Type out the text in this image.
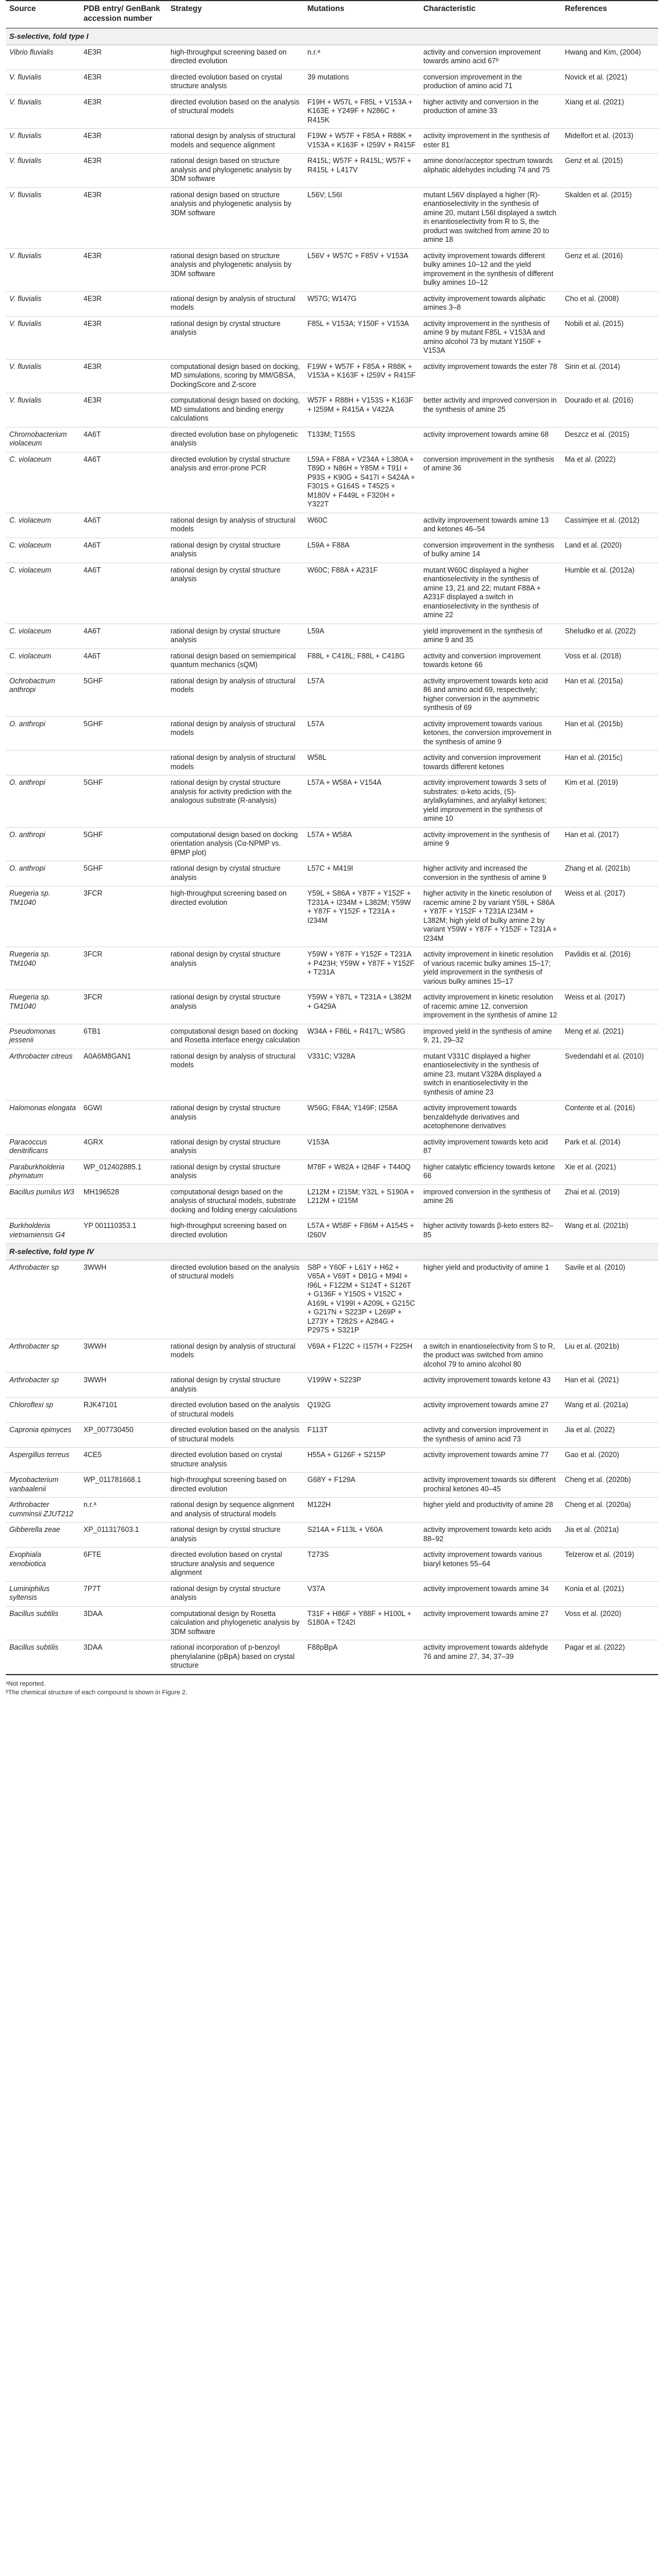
Source	PDB entry/ GenBank accession number	Strategy	Mutations	Characteristic	References
S-selective, fold type I					
Vibrio fluvialis	4E3R	high-throughput screening based on directed evolution	n.r.ᵃ	activity and conversion improvement towards amino acid 67ᵇ	Hwang and Kim, (2004)
V. fluvialis	4E3R	directed evolution based on crystal structure analysis	39 mutations	conversion improvement in the production of amino acid 71	Novick et al. (2021)
V. fluvialis	4E3R	directed evolution based on the analysis of structural models	F19H + W57L + F85L + V153A + K163E + Y249F + N286C + R415K	higher activity and conversion in the production of amine 33	Xiang et al. (2021)
V. fluvialis	4E3R	rational design by analysis of structural models and sequence alignment	F19W + W57F + F85A + R88K + V153A + K163F + I259V + R415F	activity improvement in the synthesis of ester 81	Midelfort et al. (2013)
V. fluvialis	4E3R	rational design based on structure analysis and phylogenetic analysis by 3DM software	R415L; W57F + R415L; W57F + R415L + L417V	amine donor/acceptor spectrum towards aliphatic aldehydes including 74 and 75	Genz et al. (2015)
V. fluvialis	4E3R	rational design based on structure analysis and phylogenetic analysis by 3DM software	L56V; L56I	mutant L56V displayed a higher (R)-enantioselectivity in the synthesis of amine 20, mutant L56I displayed a switch in enantioselectivity from R to S, the product was switched from amine 20 to amine 18	Skalden et al. (2015)
V. fluvialis	4E3R	rational design based on structure analysis and phylogenetic analysis by 3DM software	L56V + W57C + F85V + V153A	activity improvement towards different bulky amines 10–12 and the yield improvement in the synthesis of different bulky amines 10–12	Genz et al. (2016)
V. fluvialis	4E3R	rational design by analysis of structural models	W57G; W147G	activity improvement towards aliphatic amines 3–8	Cho et al. (2008)
V. fluvialis	4E3R	rational design by crystal structure analysis	F85L + V153A; Y150F + V153A	activity improvement in the synthesis of amine 9 by mutant F85L + V153A and amino alcohol 73 by mutant Y150F + V153A	Nobili et al. (2015)
V. fluvialis	4E3R	computational design based on docking, MD simulations, scoring by MM/GBSA, DockingScore and Z-score	F19W + W57F + F85A + R88K + V153A + K163F + I259V + R415F	activity improvement towards the ester 78	Sirin et al. (2014)
V. fluvialis	4E3R	computational design based on docking, MD simulations and binding energy calculations	W57F + R88H + V153S + K163F + I259M + R415A + V422A	better activity and improved conversion in the synthesis of amine 25	Dourado et al. (2016)
Chromobacterium violaceum	4A6T	directed evolution base on phylogenetic analysis	T133M; T155S	activity improvement towards amine 68	Deszcz et al. (2015)
C. violaceum	4A6T	directed evolution by crystal structure analysis and error-prone PCR	L59A + F88A + V234A + L380A + T89D + N86H + Y85M + T91I + P93S + K90G + S417I + S424A + F301S + G164S + T452S + M180V + F449L + F320H + Y322T	conversion improvement in the synthesis of amine 36	Ma et al. (2022)
C. violaceum	4A6T	rational design by analysis of structural models	W60C	activity improvement towards amine 13 and ketones 46–54	Cassimjee et al. (2012)
C. violaceum	4A6T	rational design by crystal structure analysis	L59A + F88A	conversion improvement in the synthesis of bulky amine 14	Land et al. (2020)
C. violaceum	4A6T	rational design by crystal structure analysis	W60C; F88A + A231F	mutant W60C displayed a higher enantioselectivity in the synthesis of amine 13, 21 and 22; mutant F88A + A231F displayed a switch in enantioselectivity in the synthesis of amine 22	Humble et al. (2012a)
C. violaceum	4A6T	rational design by crystal structure analysis	L59A	yield improvement in the synthesis of amine 9 and 35	Sheludko et al. (2022)
C. violaceum	4A6T	rational design based on semiempirical quantum mechanics (sQM)	F88L + C418L; F88L + C418G	activity and conversion improvement towards ketone 66	Voss et al. (2018)
Ochrobactrum anthropi	5GHF	rational design by analysis of structural models	L57A	activity improvement towards keto acid 86 and amino acid 69, respectively; higher conversion in the asymmetric synthesis of 69	Han et al. (2015a)
O. anthropi	5GHF	rational design by analysis of structural models	L57A	activity improvement towards various ketones, the conversion improvement in the synthesis of amine 9	Han et al. (2015b)
		rational design by analysis of structural models	W58L	activity and conversion improvement towards different ketones	Han et al. (2015c)
O. anthropi	5GHF	rational design by crystal structure analysis for activity prediction with the analogous substrate (R-analysis)	L57A + W58A + V154A	activity improvement towards 3 sets of substrates: α-keto acids, (S)-arylalkylamines, and arylalkyl ketones; yield improvement in the synthesis of amine 10	Kim et al. (2019)
O. anthropi	5GHF	computational design based on docking orientation analysis (Cα-NPMP vs. θPMP plot)	L57A + W58A	activity improvement in the synthesis of amine 9	Han et al. (2017)
O. anthropi	5GHF	rational design by crystal structure analysis	L57C + M419I	higher activity and increased the conversion in the synthesis of amine 9	Zhang et al. (2021b)
Ruegeria sp. TM1040	3FCR	high-throughput screening based on directed evolution	Y59L + S86A + Y87F + Y152F + T231A + I234M + L382M; Y59W + Y87F + Y152F + T231A + I234M	higher activity in the kinetic resolution of racemic amine 2 by variant Y59L + S86A + Y87F + Y152F + T231A I234M + L382M; high yield of bulky amine 2 by variant Y59W + Y87F + Y152F + T231A + I234M	Weiss et al. (2017)
Ruegeria sp. TM1040	3FCR	rational design by crystal structure analysis	Y59W + Y87F + Y152F + T231A + P423H; Y59W + Y87F + Y152F + T231A	activity improvement in kinetic resolution of various racemic bulky amines 15–17; yield improvement in the synthesis of various bulky amines 15–17	Pavlidis et al. (2016)
Ruegeria sp. TM1040	3FCR	rational design by crystal structure analysis	Y59W + Y87L + T231A + L382M + G429A	activity improvement in kinetic resolution of racemic amine 12, conversion improvement in the synthesis of amine 12	Weiss et al. (2017)
Pseudomonas jessenii	6TB1	computational design based on docking and Rosetta interface energy calculation	W34A + F86L + R417L; W58G	improved yield in the synthesis of amine 9, 21, 29–32	Meng et al. (2021)
Arthrobacter citreus	A0A6M8GAN1	rational design by analysis of structural models	V331C; V328A	mutant V331C displayed a higher enantioselectivity in the synthesis of amine 23, mutant V328A displayed a switch in enantioselectivity in the synthesis of amine 23	Svedendahl et al. (2010)
Halomonas elongata	6GWI	rational design by crystal structure analysis	W56G; F84A; Y149F; I258A	activity improvement towards benzaldehyde derivatives and acetophenone derivatives	Contente et al. (2016)
Paracoccus denitrificans	4GRX	rational design by crystal structure analysis	V153A	activity improvement towards keto acid 87	Park et al. (2014)
Paraburkholderia phymatum	WP_012402885.1	rational design by crystal structure analysis	M78F + W82A + I284F + T440Q	higher catalytic efficiency towards ketone 66	Xie et al. (2021)
Bacillus pumilus W3	MH196528	computational design based on the analysis of structural models, substrate docking and folding energy calculations	L212M + I215M; Y32L + S190A + L212M + I215M	improved conversion in the synthesis of amine 26	Zhai et al. (2019)
Burkholderia vietnamiensis G4	YP 001110353.1	high-throughput screening based on directed evolution	L57A + W58F + F86M + A154S + I260V	higher activity towards β-keto esters 82–85	Wang et al. (2021b)
R-selective, fold type IV					
Arthrobacter sp	3WWH	directed evolution based on the analysis of structural models	S8P + Y60F + L61Y + H62 + V65A + V69T + D81G + M94I + I96L + F122M + S124T + S126T + G136F + Y150S + V152C + A169L + V199I + A209L + G215C + G217N + S223P + L269P + L273Y + T282S + A284G + P297S + S321P	higher yield and productivity of amine 1	Savile et al. (2010)
Arthrobacter sp	3WWH	rational design by analysis of structural models	V69A + F122C + I157H + F225H	a switch in enantioselectivity from S to R, the product was switched from amino alcohol 79 to amino alcohol 80	Liu et al. (2021b)
Arthrobacter sp	3WWH	rational design by crystal structure analysis	V199W + S223P	activity improvement towards ketone 43	Han et al. (2021)
Chloroflexi sp	RJK47101	directed evolution based on the analysis of structural models	Q192G	activity improvement towards amine 27	Wang et al. (2021a)
Capronia epimyces	XP_007730450	directed evolution based on the analysis of structural models	F113T	activity and conversion improvement in the synthesis of amino acid 73	Jia et al. (2022)
Aspergillus terreus	4CE5	directed evolution based on crystal structure analysis	H55A + G126F + S215P	activity improvement towards amine 77	Gao et al. (2020)
Mycobacterium vanbaalenii	WP_011781668.1	high-throughput screening based on directed evolution	G68Y + F129A	activity improvement towards six different prochiral ketones 40–45	Cheng et al. (2020b)
Arthrobacter cumminsii ZJUT212	n.r.ᵃ	rational design by sequence alignment and analysis of structural models	M122H	higher yield and productivity of amine 28	Cheng et al. (2020a)
Gibberella zeae	XP_011317603.1	rational design by crystal structure analysis	S214A + F113L + V60A	activity improvement towards keto acids 88–92	Jia et al. (2021a)
Exophiala xenobiotica	6FTE	directed evolution based on crystal structure analysis and sequence alignment	T273S	activity improvement towards various biaryl ketones 55–64	Telzerow et al. (2019)
Luminiphilus syltensis	7P7T	rational design by crystal structure analysis	V37A	activity improvement towards amine 34	Konia et al. (2021)
Bacillus subtilis	3DAA	computational design by Rosetta calculation and phylogenetic analysis by 3DM software	T31F + H86F + Y88F + H100L + S180A + T242I	activity improvement towards amine 27	Voss et al. (2020)
Bacillus subtilis	3DAA	rational incorporation of p-benzoyl phenylalanine (pBpA) based on crystal structure	F88pBpA	activity improvement towards aldehyde 76 and amine 27, 34, 37–39	Pagar et al. (2022)
ᵃNot reported.
ᵇThe chemical structure of each compound is shown in Figure 2.
